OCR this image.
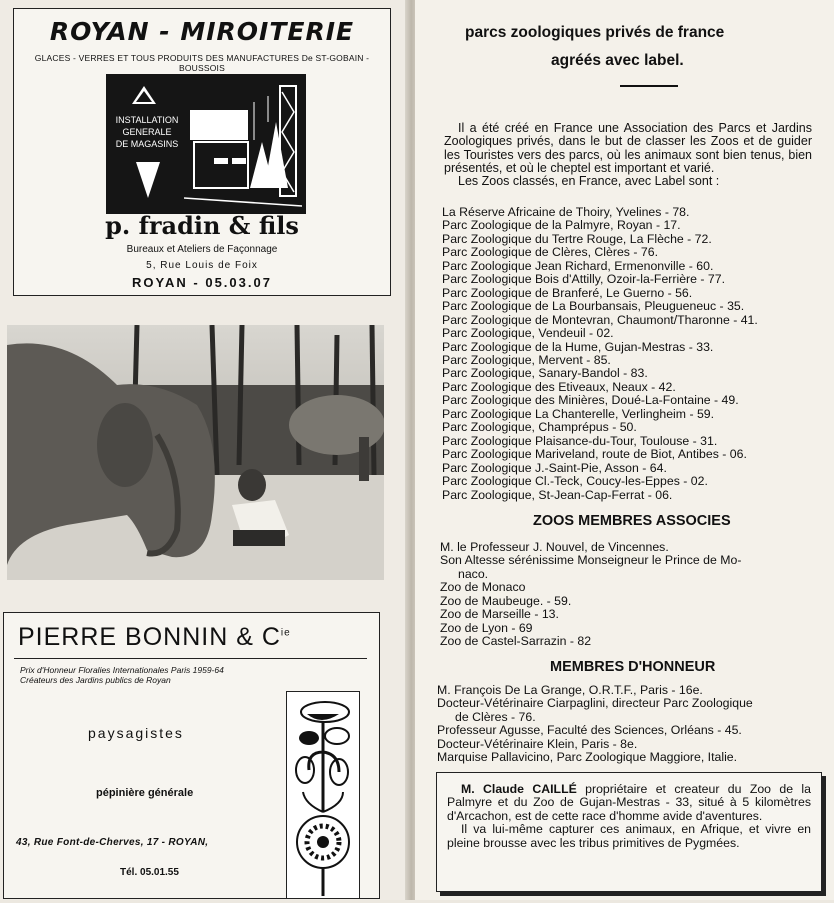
ROYAN - MIROITERIE
GLACES - VERRES ET TOUS PRODUITS DES MANUFACTURES De ST-GOBAIN - BOUSSOIS
INSTALLATION
GENERALE
DE MAGASINS
p. fradin & fils
Bureaux et Ateliers de Façonnage
5, Rue Louis de Foix
ROYAN - 05.03.07
PIERRE BONNIN & $C^{ie}$
Prix d'Honneur Floralies Internationales Paris 1959-64
Créateurs des Jardins publics de Royan
paysagistes
pépinière générale
43, Rue Font-de-Cherves, 17 - ROYAN,
Tél. 05.01.55
parcs zoologiques privés de france
agréés avec label.

Il a été créé en France une Association des Parcs et Jardins Zoologiques privés, dans le but de classer les Zoos et de guider les Touristes vers des parcs, où les animaux sont bien tenus, bien présentés, et où le cheptel est important et varié.

Les Zoos classés, en France, avec Label sont :

La Réserve Africaine de Thoiry, Yvelines - 78.
Parc Zoologique de la Palmyre, Royan - 17.
Parc Zoologique du Tertre Rouge, La Flèche - 72.
Parc Zoologique de Clères, Clères - 76.
Parc Zoologique Jean Richard, Ermenonville - 60.
Parc Zoologique Bois d'Attilly, Ozoir-la-Ferrière - 77.
Parc Zoologique de Branferé, Le Guerno - 56.
Parc Zoologique de La Bourbansais, Pleugueneuc - 35.
Parc Zoologique de Montevran, Chaumont/Tharonne - 41.
Parc Zoologique, Vendeuil - 02.
Parc Zoologique de la Hume, Gujan-Mestras - 33.
Parc Zoologique, Mervent - 85.
Parc Zoologique, Sanary-Bandol - 83.
Parc Zoologique des Etiveaux, Neaux - 42.
Parc Zoologique des Minières, Doué-La-Fontaine - 49.
Parc Zoologique La Chanterelle, Verlingheim - 59.
Parc Zoologique, Champrépus - 50.
Parc Zoologique Plaisance-du-Tour, Toulouse - 31.
Parc Zoologique Mariveland, route de Biot, Antibes - 06.
Parc Zoologique J.-Saint-Pie, Asson - 64.
Parc Zoologique Cl.-Teck, Coucy-les-Eppes - 02.
Parc Zoologique, St-Jean-Cap-Ferrat - 06.
ZOOS MEMBRES ASSOCIES
M. le Professeur J. Nouvel, de Vincennes.
Son Altesse sérénissime Monseigneur le Prince de Mo-
naco.
Zoo de Monaco
Zoo de Maubeuge. - 59.
Zoo de Marseille - 13.
Zoo de Lyon - 69
Zoo de Castel-Sarrazin - 82
MEMBRES D'HONNEUR
M. François De La Grange, O.R.T.F., Paris - 16e.
Docteur-Vétérinaire Ciarpaglini, directeur Parc Zoologique
de Clères - 76.
Professeur Agusse, Faculté des Sciences, Orléans - 45.
Docteur-Vétérinaire Klein, Paris - 8e.
Marquise Pallavicino, Parc Zoologique Maggiore, Italie.

M. Claude CAILLÉ propriétaire et createur du Zoo de la Palmyre et du Zoo de Gujan-Mestras - 33, situé à 5 kilomètres d'Arcachon, est de cette race d'homme avide d'aventures.

Il va lui-même capturer ces animaux, en Afrique, et vivre en pleine brousse avec les tribus primitives de Pygmées.
